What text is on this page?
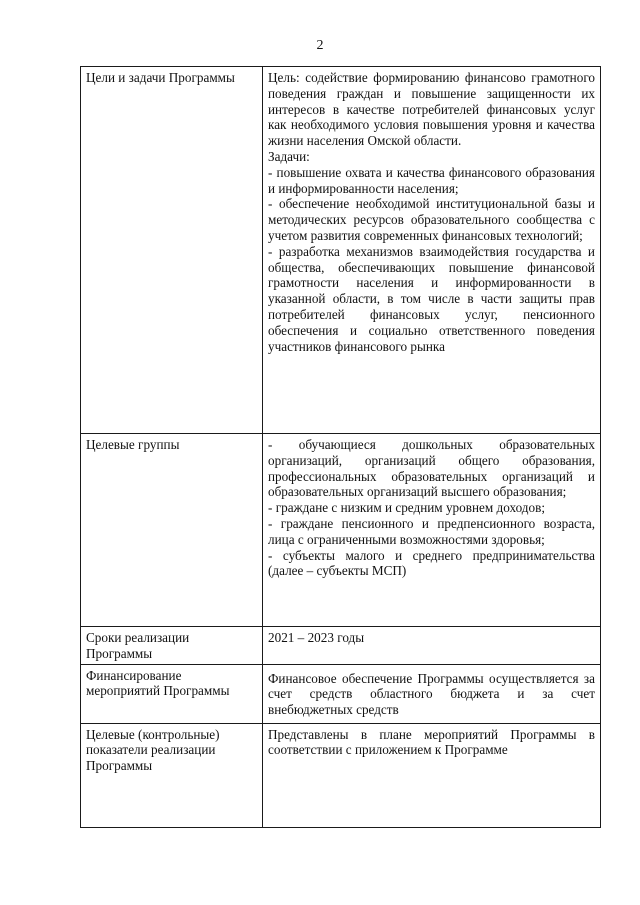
2
Цели и задачи Программы	Цель: содействие формированию финансово грамотного поведения граждан и повышение защищенности их интересов в качестве потребителей финансовых услуг как необходимого условия повышения уровня и качества жизни населения Омской области.
Задачи:
- повышение охвата и качества финансового образования и информированности населения;
- обеспечение необходимой институциональной базы и методических ресурсов образовательного сообщества с учетом развития современных финансовых технологий;
- разработка механизмов взаимодействия государства и общества, обеспечивающих повышение финансовой грамотности населения и информированности в указанной области, в том числе в части защиты прав потребителей финансовых услуг, пенсионного обеспечения и социально ответственного поведения участников финансового рынка

Целевые группы	- обучающиеся дошкольных образовательных организаций, организаций общего образования, профессиональных образовательных организаций и образовательных организаций высшего образования;
- граждане с низким и средним уровнем доходов;
- граждане пенсионного и предпенсионного возраста, лица с ограниченными возможностями здоровья;
- субъекты малого и среднего предпринимательства (далее – субъекты МСП)

Сроки реализации Программы	2021 – 2023 годы

Финансирование мероприятий Программы	Финансовое обеспечение Программы осуществляется за счет средств областного бюджета и за счет внебюджетных средств

Целевые (контрольные) показатели реализации Программы	Представлены в плане мероприятий Программы в соответствии с приложением к Программе
